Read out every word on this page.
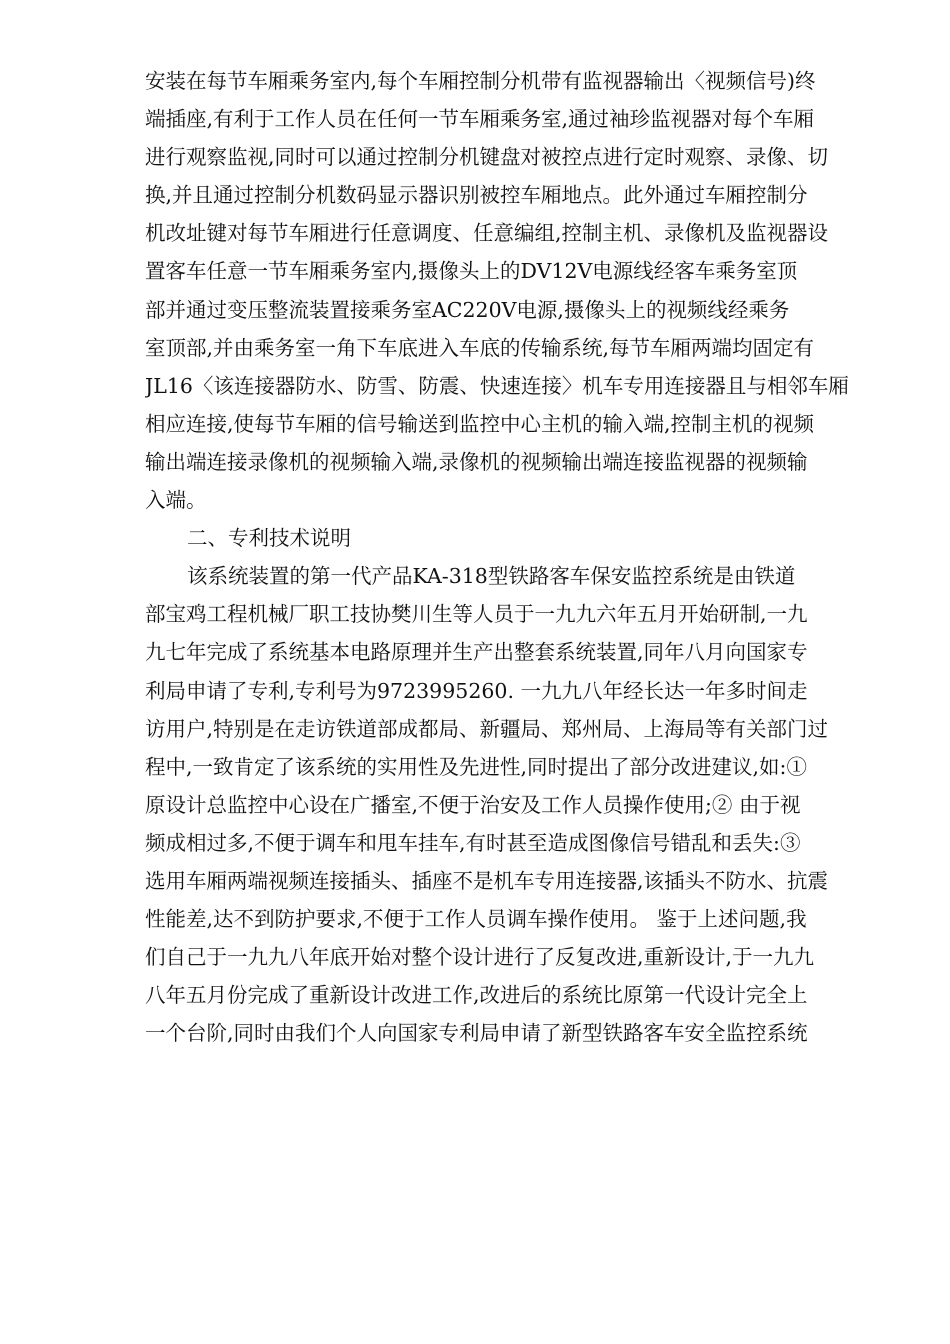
安装在每节车厢乘务室内,每个车厢控制分机带有监视器输出〈视频信号)终
端插座,有利于工作人员在任何一节车厢乘务室,通过袖珍监视器对每个车厢
进行观察监视,同时可以通过控制分机键盘对被控点进行定时观察、录像、切
换,并且通过控制分机数码显示器识别被控车厢地点。此外通过车厢控制分
机改址键对每节车厢进行任意调度、任意编组,控制主机、录像机及监视器设
置客车任意一节车厢乘务室内,摄像头上的DV12V电源线经客车乘务室顶
部并通过变压整流装置接乘务室AC220V电源,摄像头上的视频线经乘务
室顶部,并由乘务室一角下车底进入车底的传输系统,每节车厢两端均固定有
JL16〈该连接器防水、防雪、防震、快速连接〉机车专用连接器且与相邻车厢
相应连接,使每节车厢的信号输送到监控中心主机的输入端,控制主机的视频
输出端连接录像机的视频输入端,录像机的视频输出端连接监视器的视频输
入端。
二、专利技术说明
该系统装置的第一代产品KA-318型铁路客车保安监控系统是由铁道
部宝鸡工程机械厂职工技协樊川生等人员于一九九六年五月开始研制,一九
九七年完成了系统基本电路原理并生产出整套系统装置,同年八月向国家专
利局申请了专利,专利号为9723995260. 一九九八年经长达一年多时间走
访用户,特别是在走访铁道部成都局、新疆局、郑州局、上海局等有关部门过
程中,一致肯定了该系统的实用性及先进性,同时提出了部分改进建议,如:①
原设计总监控中心设在广播室,不便于治安及工作人员操作使用;② 由于视
频成相过多,不便于调车和甩车挂车,有时甚至造成图像信号错乱和丢失:③
选用车厢两端视频连接插头、插座不是机车专用连接器,该插头不防水、抗震
性能差,达不到防护要求,不便于工作人员调车操作使用。 鉴于上述问题,我
们自己于一九九八年底开始对整个设计进行了反复改进,重新设计,于一九九
八年五月份完成了重新设计改进工作,改进后的系统比原第一代设计完全上
一个台阶,同时由我们个人向国家专利局申请了新型铁路客车安全监控系统
